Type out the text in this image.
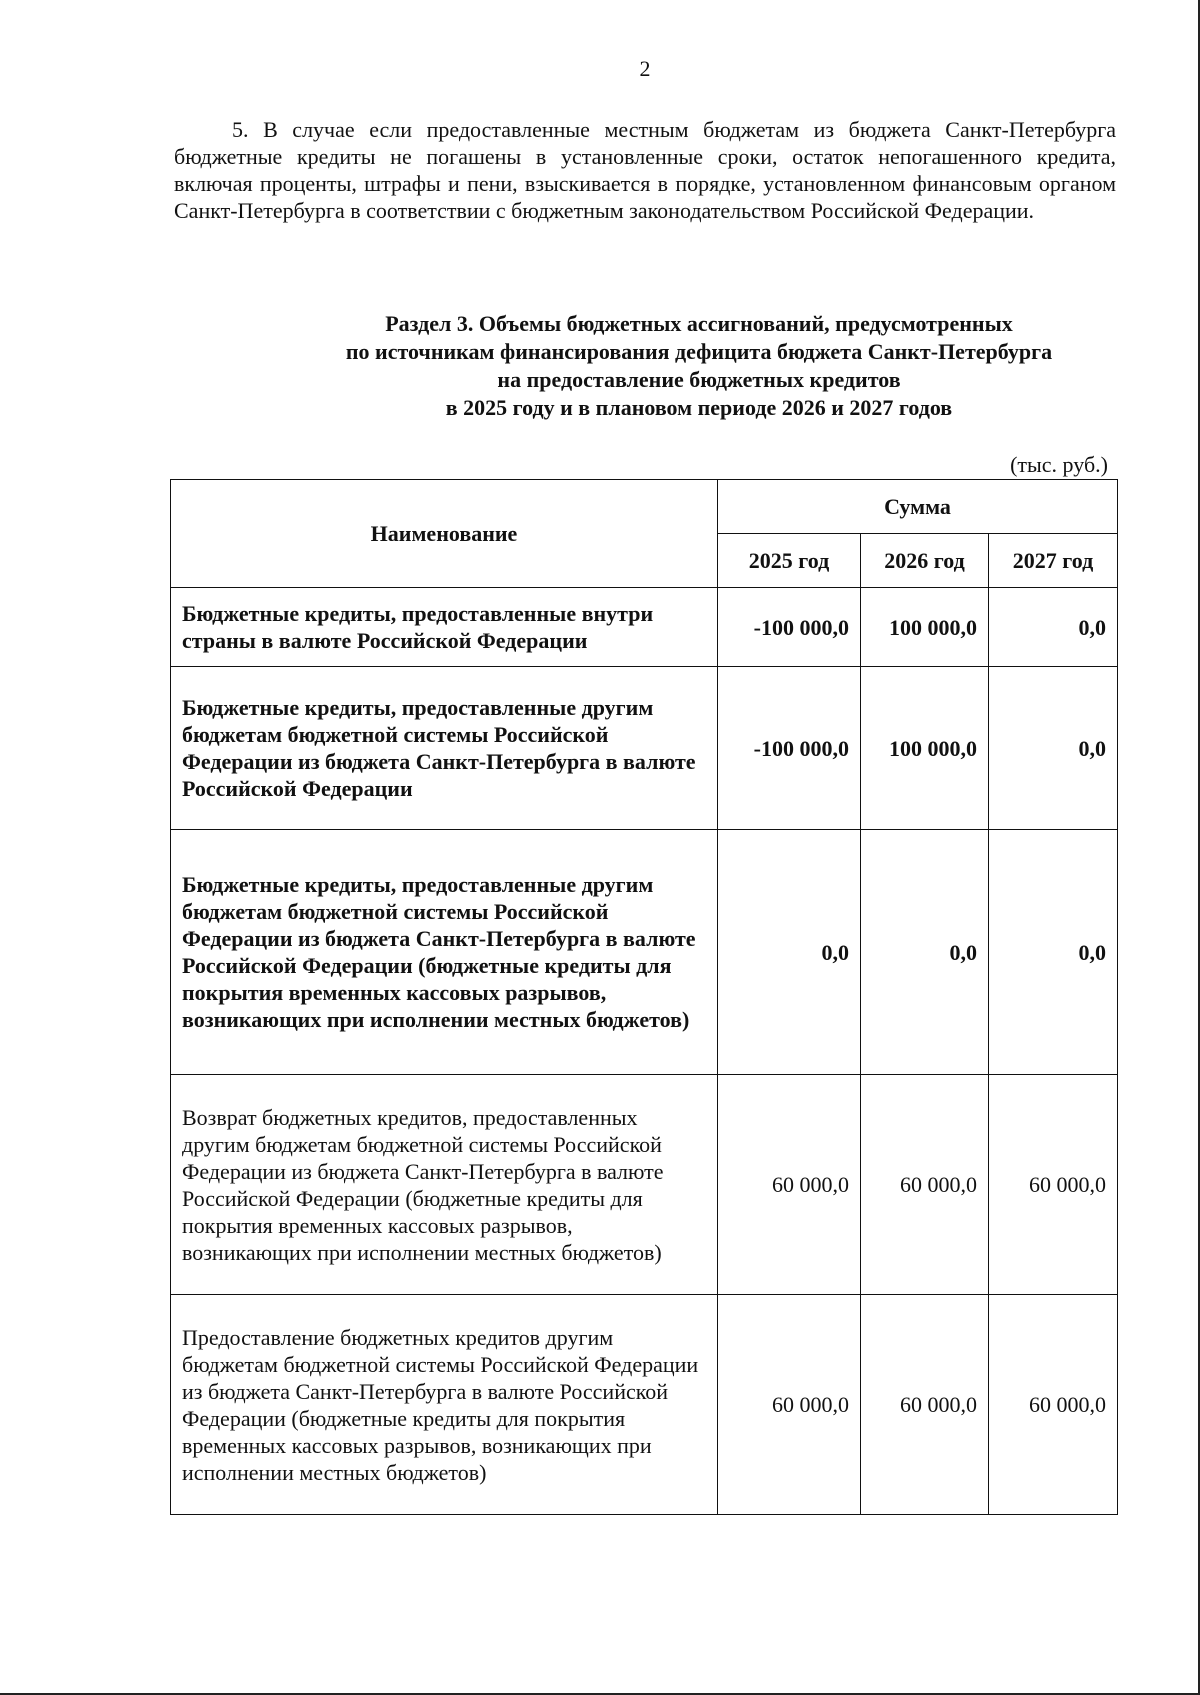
2

5. В случае если предоставленные местным бюджетам из бюджета Санкт-Петербурга бюджетные кредиты не погашены в установленные сроки, остаток непогашенного кредита, включая проценты, штрафы и пени, взыскивается в порядке, установленном финансовым органом Санкт-Петербурга в соответствии с бюджетным законодательством Российской Федерации.

Раздел 3. Объемы бюджетных ассигнований, предусмотренных
по источникам финансирования дефицита бюджета Санкт-Петербурга
на предоставление бюджетных кредитов
в 2025 году и в плановом периоде 2026 и 2027 годов
(тыс. руб.)
Наименование	Сумма		
	2025 год	2026 год	2027 год
Бюджетные кредиты, предоставленные внутри страны в валюте Российской Федерации	-100 000,0	100 000,0	0,0
Бюджетные кредиты, предоставленные другим бюджетам бюджетной системы Российской Федерации из бюджета Санкт-Петербурга в валюте Российской Федерации	-100 000,0	100 000,0	0,0
Бюджетные кредиты, предоставленные другим бюджетам бюджетной системы Российской Федерации из бюджета Санкт-Петербурга в валюте Российской Федерации (бюджетные кредиты для покрытия временных кассовых разрывов, возникающих при исполнении местных бюджетов)	0,0	0,0	0,0
Возврат бюджетных кредитов, предоставленных другим бюджетам бюджетной системы Российской Федерации из бюджета Санкт-Петербурга в валюте Российской Федерации (бюджетные кредиты для покрытия временных кассовых разрывов, возникающих при исполнении местных бюджетов)	60 000,0	60 000,0	60 000,0
Предоставление бюджетных кредитов другим бюджетам бюджетной системы Российской Федерации из бюджета Санкт-Петербурга в валюте Российской Федерации (бюджетные кредиты для покрытия временных кассовых разрывов, возникающих при исполнении местных бюджетов)	60 000,0	60 000,0	60 000,0
